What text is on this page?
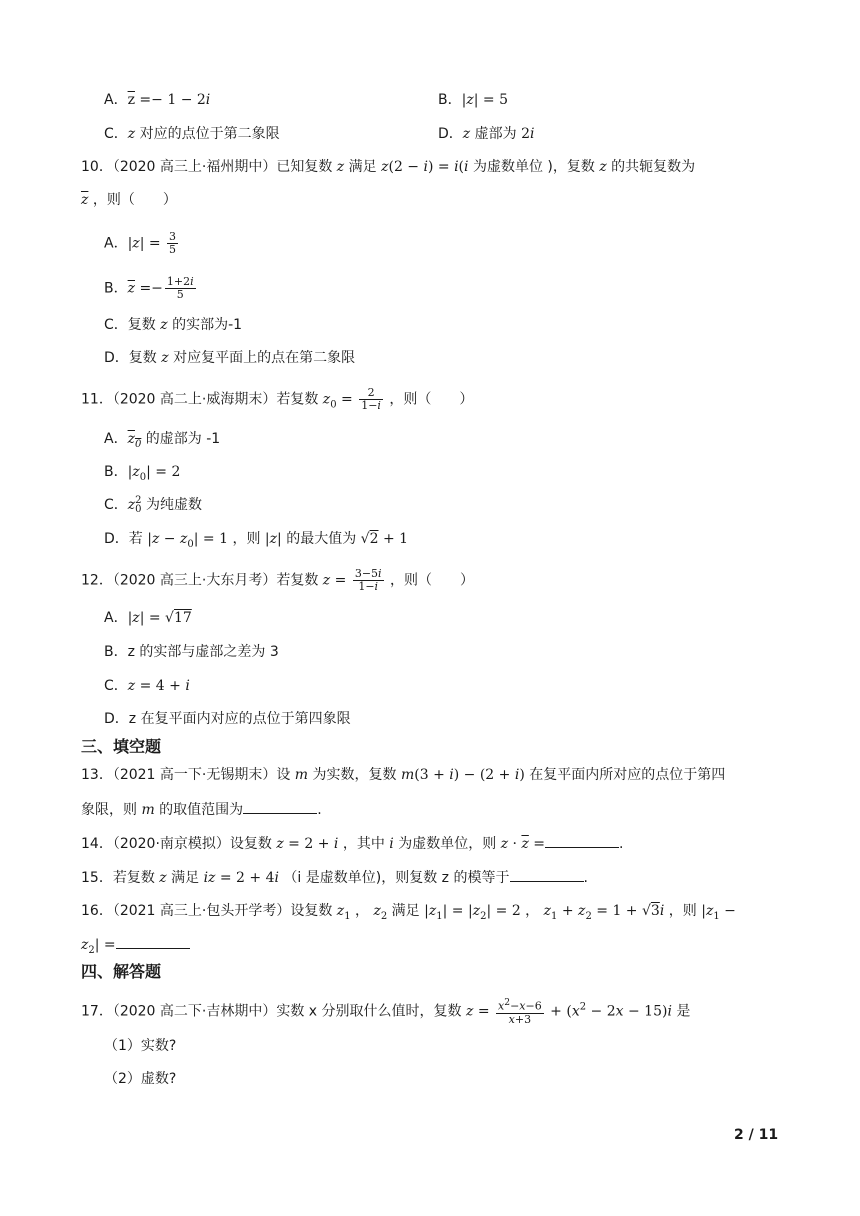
A．$\overline{z} =- 1 - 2i$	B．|z| = 5
C．z 对应的点位于第二象限	D．z 虚部为 2i
10．（2020 高三上·福州期中）已知复数 z 满足 z(2 − i) = i(i 为虚数单位 )，复数 z 的共轭复数为
$\overline{z}$ ，则（　　）
A．$|z| = \frac{3}{5}$
B．$\overline{z} =- \frac{1+2i}{5}$
C．复数 z 的实部为-1
D．复数 z 对应复平面上的点在第二象限
11．（2020 高二上·威海期末）若复数 $z_0 = \frac{2}{1-i}$ ，则（　　）
A．$z_0$ 的虚部为 -1
B．$|z_0| = 2$
C．z 2
0 为纯虚数
D．若 $|z - z_0| = 1$ ，则 |z| 的最大值为 √2 + 1
12．（2020 高三上·大东月考）若复数 $z = \frac{3-5i}{1-i}$ ，则（　　）
A．|z| = √17
B．z 的实部与虚部之差为 3
C．z = 4 + i
D．z 在复平面内对应的点位于第四象限
三、填空题
13．（2021 高一下·无锡期末）设 m 为实数，复数 m(3 + i) − (2 + i) 在复平面内所对应的点位于第四
象限，则 m 的取值范围为	.
14．（2020·南京模拟）设复数 z = 2 + i ，其中 i 为虚数单位，则 $z \cdot \overline{z}$ =	.
15．若复数 z 满足 iz = 2 + 4i （i 是虚数单位)，则复数 z 的模等于	.
16．（2021 高三上·包头开学考）设复数 $z_1$ ， $z_2$ 满足 $|z_1| = |z_2| = 2$ ， $z_1 + z_2 = 1 + √3i$ ，则 $|z_1$ −
$z_2|$ =
四、解答题
17．（2020 高二下·吉林期中）实数 x 分别取什么值时，复数 $z = \frac{x^2-x-6}{x+3} + (x^2 - 2x - 15)i$ 是
（1）实数?
（2）虚数?
2 / 11
